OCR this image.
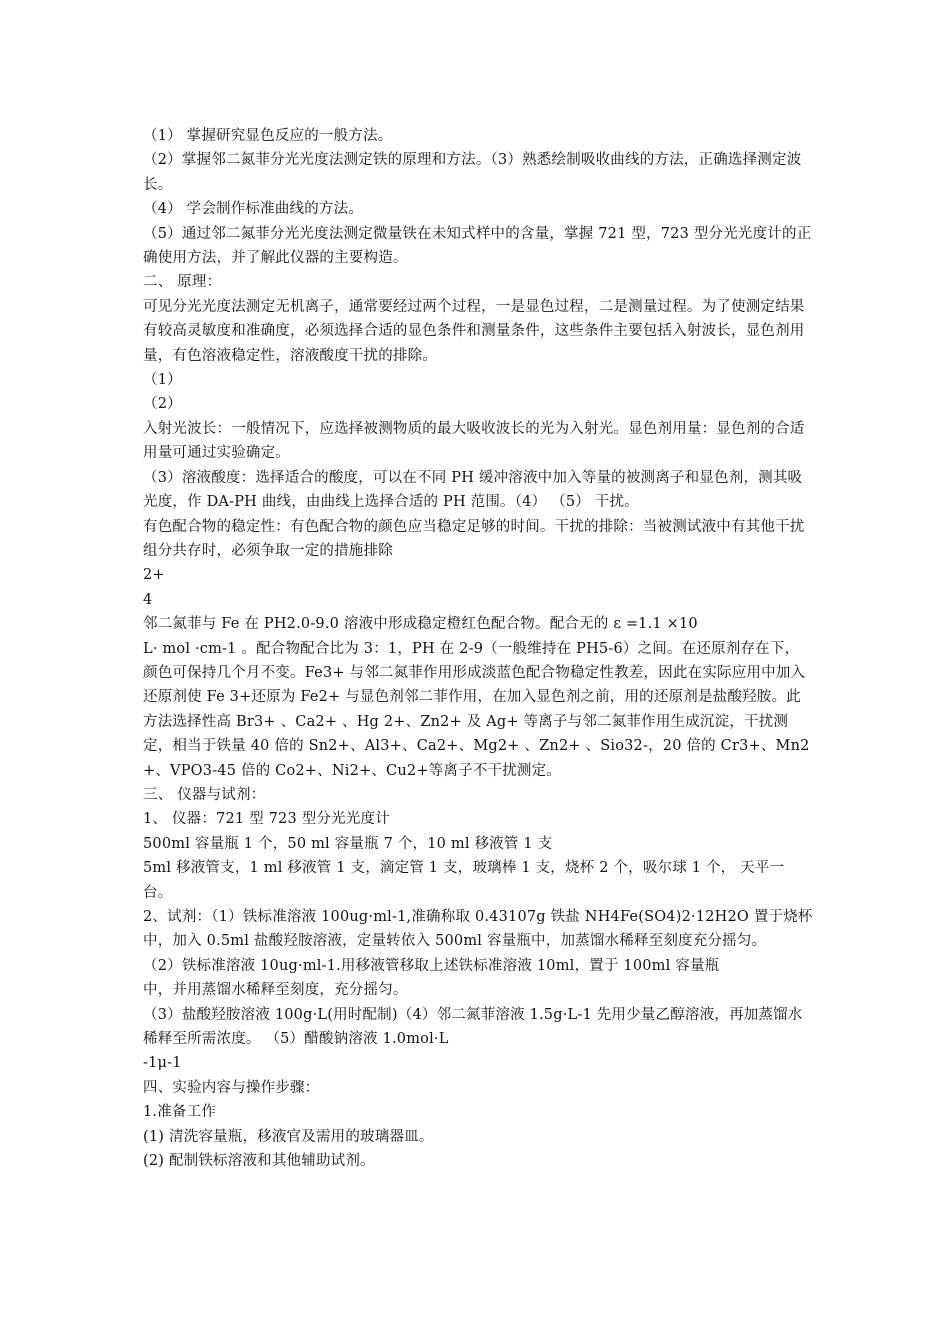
（1） 掌握研究显色反应的一般方法。

（2）掌握邻二氮菲分光光度法测定铁的原理和方法。（3）熟悉绘制吸收曲线的方法，正确选择测定波长。

（4） 学会制作标准曲线的方法。

（5）通过邻二氮菲分光光度法测定微量铁在未知式样中的含量，掌握 721 型，723 型分光光度计的正确使用方法，并了解此仪器的主要构造。

二、 原理：

可见分光光度法测定无机离子，通常要经过两个过程，一是显色过程，二是测量过程。为了使测定结果有较高灵敏度和准确度，必须选择合适的显色条件和测量条件，这些条件主要包括入射波长，显色剂用量，有色溶液稳定性，溶液酸度干扰的排除。

（1）

（2）

入射光波长：一般情况下，应选择被测物质的最大吸收波长的光为入射光。显色剂用量：显色剂的合适用量可通过实验确定。

（3）溶液酸度：选择适合的酸度，可以在不同 PH 缓冲溶液中加入等量的被测离子和显色剂，测其吸光度，作 DA-PH 曲线，由曲线上选择合适的 PH 范围。（4） （5） 干扰。

有色配合物的稳定性：有色配合物的颜色应当稳定足够的时间。干扰的排除：当被测试液中有其他干扰组分共存时，必须争取一定的措施排除

2+

4

邻二氮菲与 Fe 在 PH2.0-9.0 溶液中形成稳定橙红色配合物。配合无的 ε =1.1 ×10

L· mol ·cm-1 。配合物配合比为 3：1，PH 在 2-9（一般维持在 PH5-6）之间。在还原剂存在下，颜色可保持几个月不变。Fe3+ 与邻二氮菲作用形成淡蓝色配合物稳定性教差，因此在实际应用中加入还原剂使 Fe 3+还原为 Fe2+ 与显色剂邻二菲作用，在加入显色剂之前，用的还原剂是盐酸羟胺。此方法选择性高 Br3+ 、Ca2+ 、Hg 2+、Zn2+ 及 Ag+ 等离子与邻二氮菲作用生成沉淀，干扰测定，相当于铁量 40 倍的 Sn2+、Al3+、Ca2+、Mg2+ 、Zn2+ 、Sio32-，20 倍的 Cr3+、Mn2+、VPO3-45 倍的 Co2+、Ni2+、Cu2+等离子不干扰测定。

三、 仪器与试剂：

1、 仪器：721 型 723 型分光光度计

500ml 容量瓶 1 个，50 ml 容量瓶 7 个，10 ml 移液管 1 支

5ml 移液管支，1 ml 移液管 1 支，滴定管 1 支，玻璃棒 1 支，烧杯 2 个，吸尔球 1 个， 天平一台。

2、试剂：（1）铁标准溶液 100ug·ml-1,准确称取 0.43107g 铁盐 NH4Fe(SO4)2·12H2O 置于烧杯

中，加入 0.5ml 盐酸羟胺溶液，定量转依入 500ml 容量瓶中，加蒸馏水稀释至刻度充分摇匀。

（2）铁标准溶液 10ug·ml-1.用移液管移取上述铁标准溶液 10ml，置于 100ml 容量瓶

中，并用蒸馏水稀释至刻度，充分摇匀。

（3）盐酸羟胺溶液 100g·L(用时配制)（4）邻二氮菲溶液 1.5g·L-1 先用少量乙醇溶液，再加蒸馏水稀释至所需浓度。 （5）醋酸钠溶液 1.0mol·L

-1μ-1

四、实验内容与操作步骤：

1.准备工作

(1) 清洗容量瓶，移液官及需用的玻璃器皿。

(2) 配制铁标溶液和其他辅助试剂。
